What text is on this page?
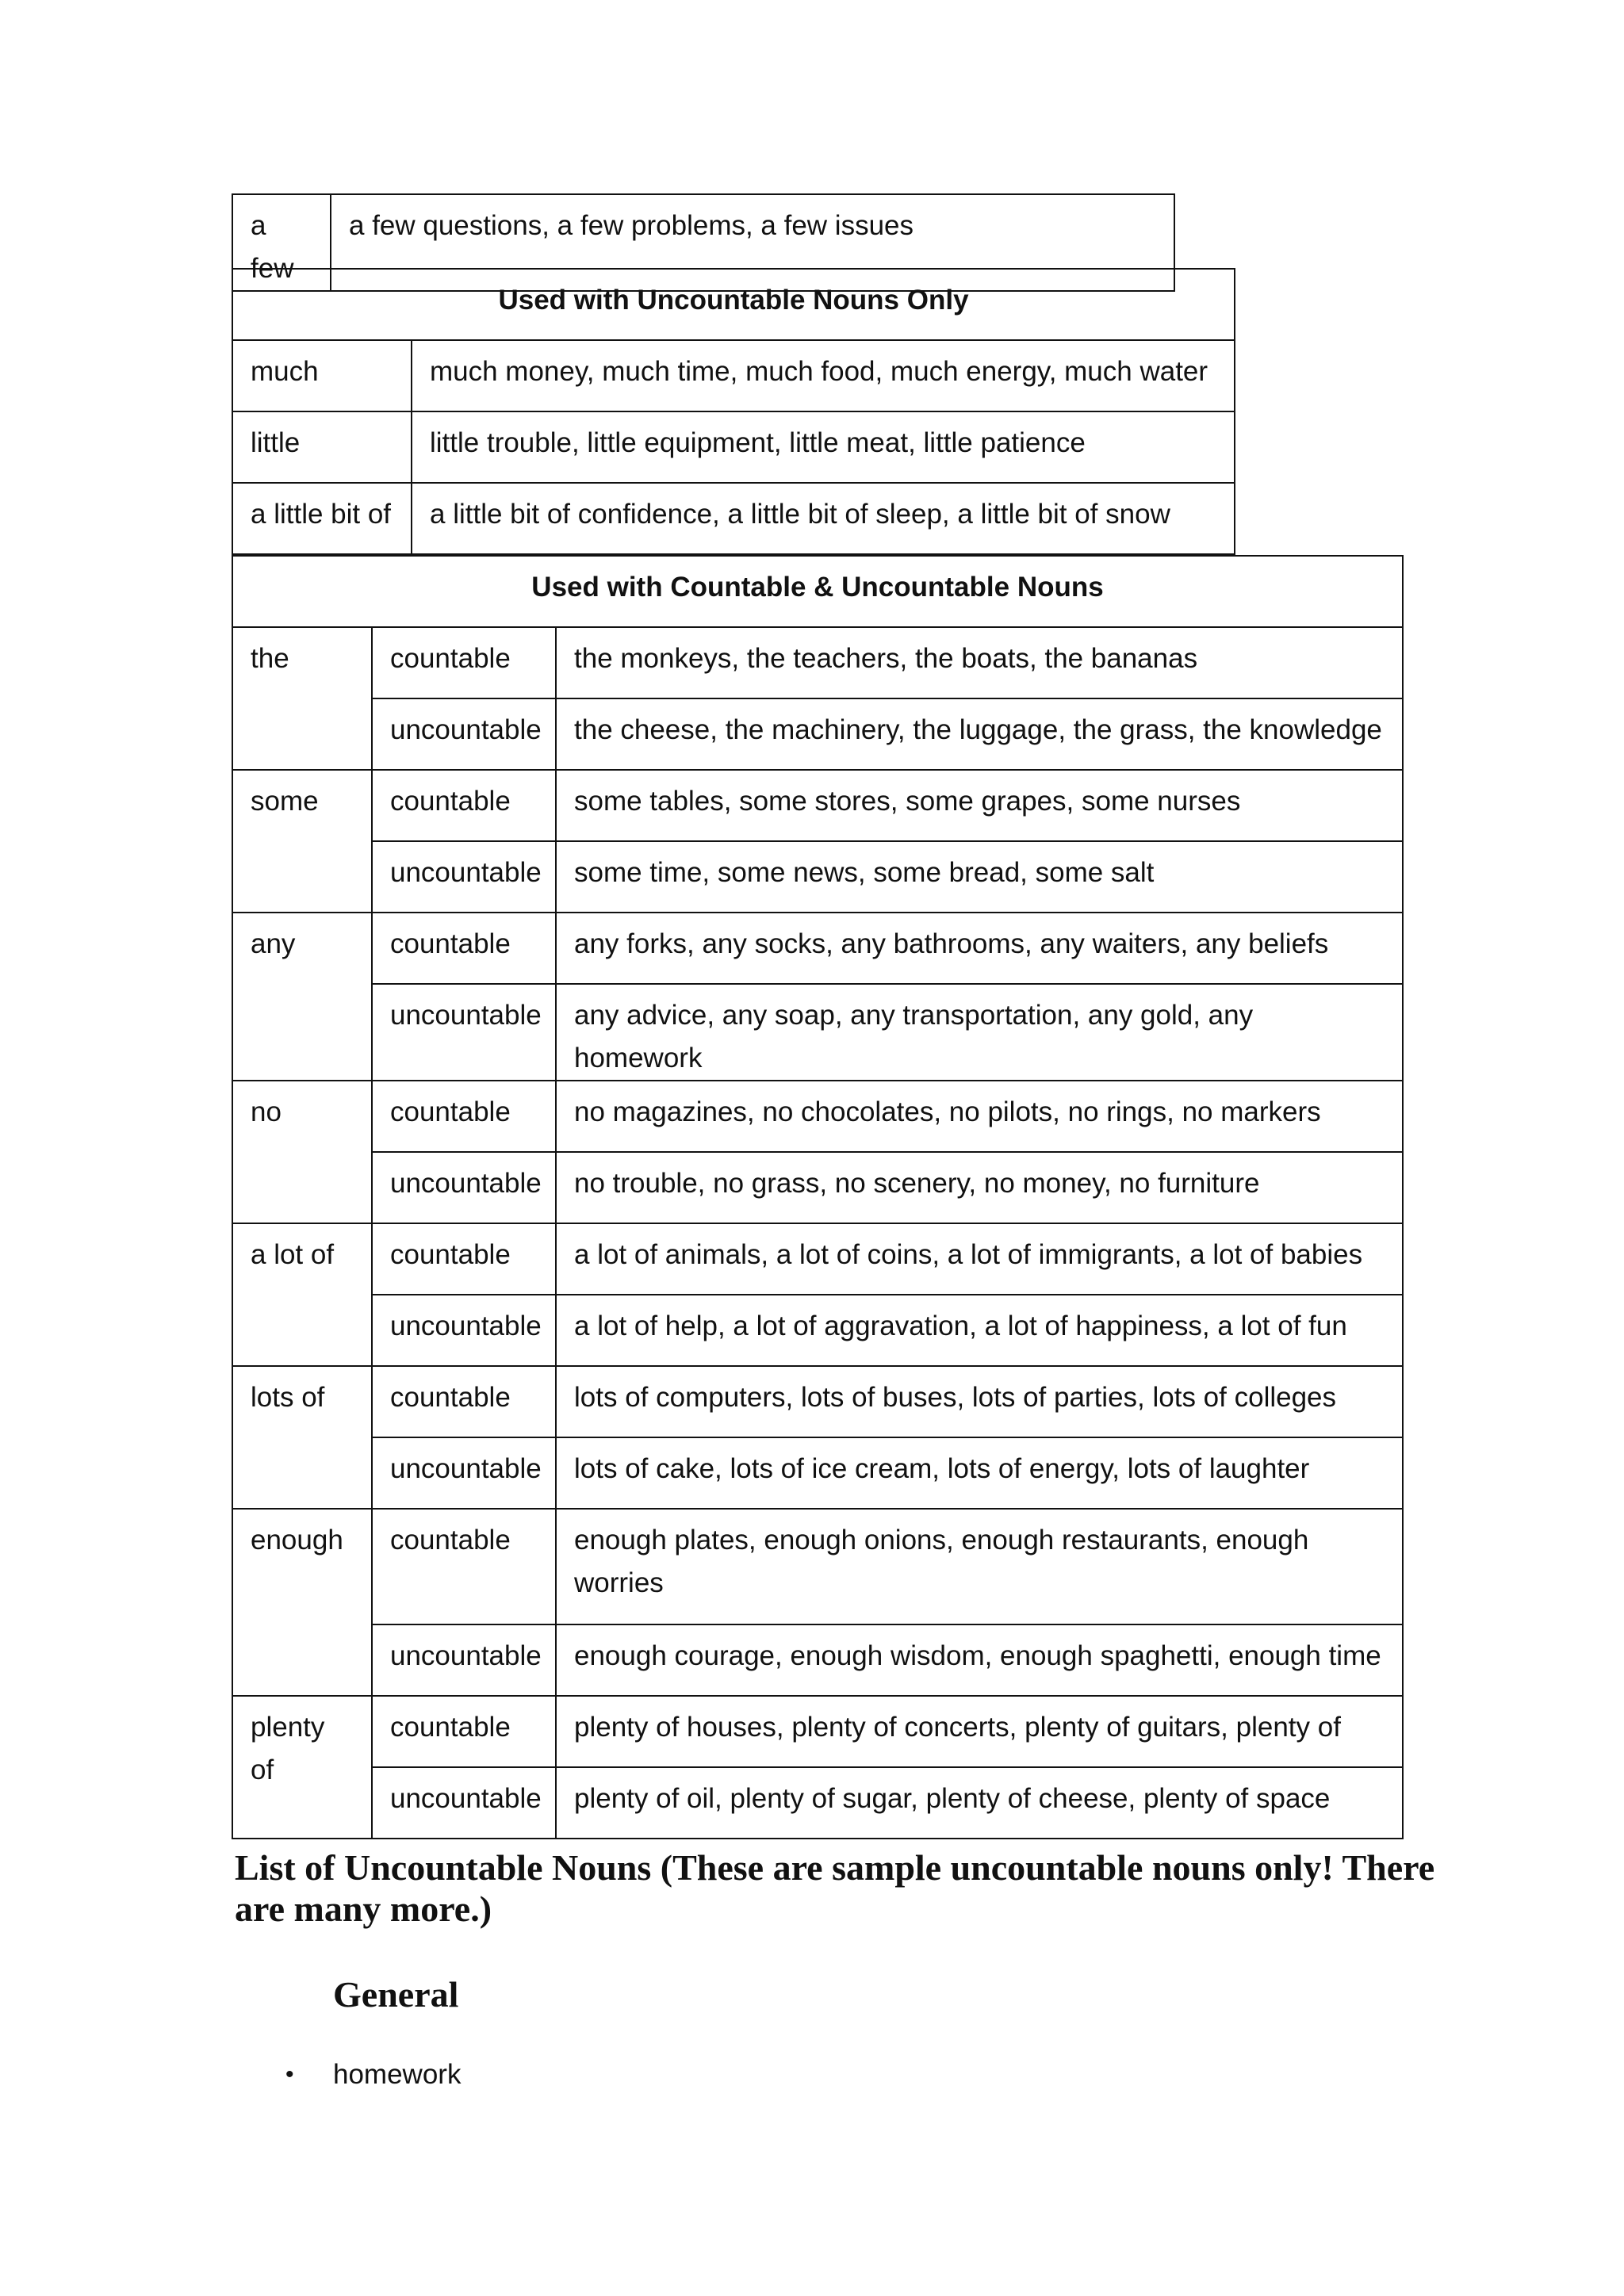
a few	a few questions, a few problems, a few issues
Used with Uncountable Nouns Only	
much	much money, much time, much food, much energy, much water
little	little trouble, little equipment, little meat, little patience
a little bit of	a little bit of confidence, a little bit of sleep, a little bit of snow
Used with Countable & Uncountable Nouns		
the	countable	the monkeys, the teachers, the boats, the bananas
	uncountable	the cheese, the machinery, the luggage, the grass, the knowledge
some	countable	some tables, some stores, some grapes, some nurses
	uncountable	some time, some news, some bread, some salt
any	countable	any forks, any socks, any bathrooms, any waiters, any beliefs
	uncountable	any advice, any soap, any transportation, any gold, any homework
no	countable	no magazines, no chocolates, no pilots, no rings, no markers
	uncountable	no trouble, no grass, no scenery, no money, no furniture
a lot of	countable	a lot of animals, a lot of coins, a lot of immigrants, a lot of babies
	uncountable	a lot of help, a lot of aggravation, a lot of happiness, a lot of fun
lots of	countable	lots of computers, lots of buses, lots of parties, lots of colleges
	uncountable	lots of cake, lots of ice cream, lots of energy, lots of laughter
enough	countable	enough plates, enough onions, enough restaurants, enough worries
	uncountable	enough courage, enough wisdom, enough spaghetti, enough time
plenty of	countable	plenty of houses, plenty of concerts, plenty of guitars, plenty of
	uncountable	plenty of oil, plenty of sugar, plenty of cheese, plenty of space
List of Uncountable Nouns (These are sample uncountable nouns only! There are many more.)
General
•	homework
